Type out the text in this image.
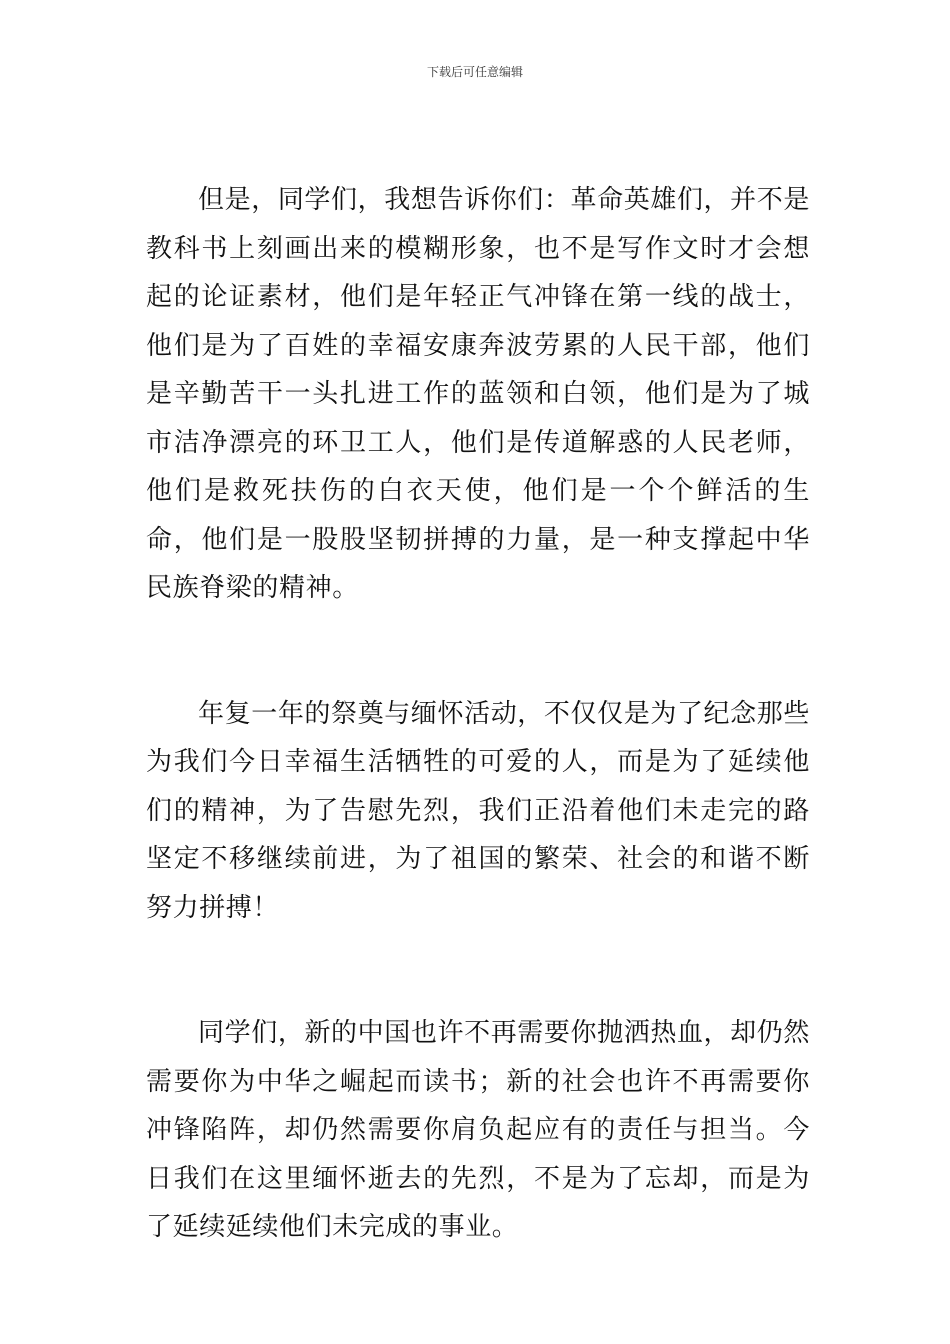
下载后可任意编辑

但是，同学们，我想告诉你们：革命英雄们，并不是教科书上刻画出来的模糊形象，也不是写作文时才会想起的论证素材，他们是年轻正气冲锋在第一线的战士，他们是为了百姓的幸福安康奔波劳累的人民干部，他们是辛勤苦干一头扎进工作的蓝领和白领，他们是为了城市洁净漂亮的环卫工人，他们是传道解惑的人民老师，他们是救死扶伤的白衣天使，他们是一个个鲜活的生命，他们是一股股坚韧拼搏的力量，是一种支撑起中华民族脊梁的精神。

年复一年的祭奠与缅怀活动，不仅仅是为了纪念那些为我们今日幸福生活牺牲的可爱的人，而是为了延续他们的精神，为了告慰先烈，我们正沿着他们未走完的路坚定不移继续前进，为了祖国的繁荣、社会的和谐不断努力拼搏！

同学们，新的中国也许不再需要你抛洒热血，却仍然需要你为中华之崛起而读书；新的社会也许不再需要你冲锋陷阵，却仍然需要你肩负起应有的责任与担当。今日我们在这里缅怀逝去的先烈，不是为了忘却，而是为了延续延续他们未完成的事业。
